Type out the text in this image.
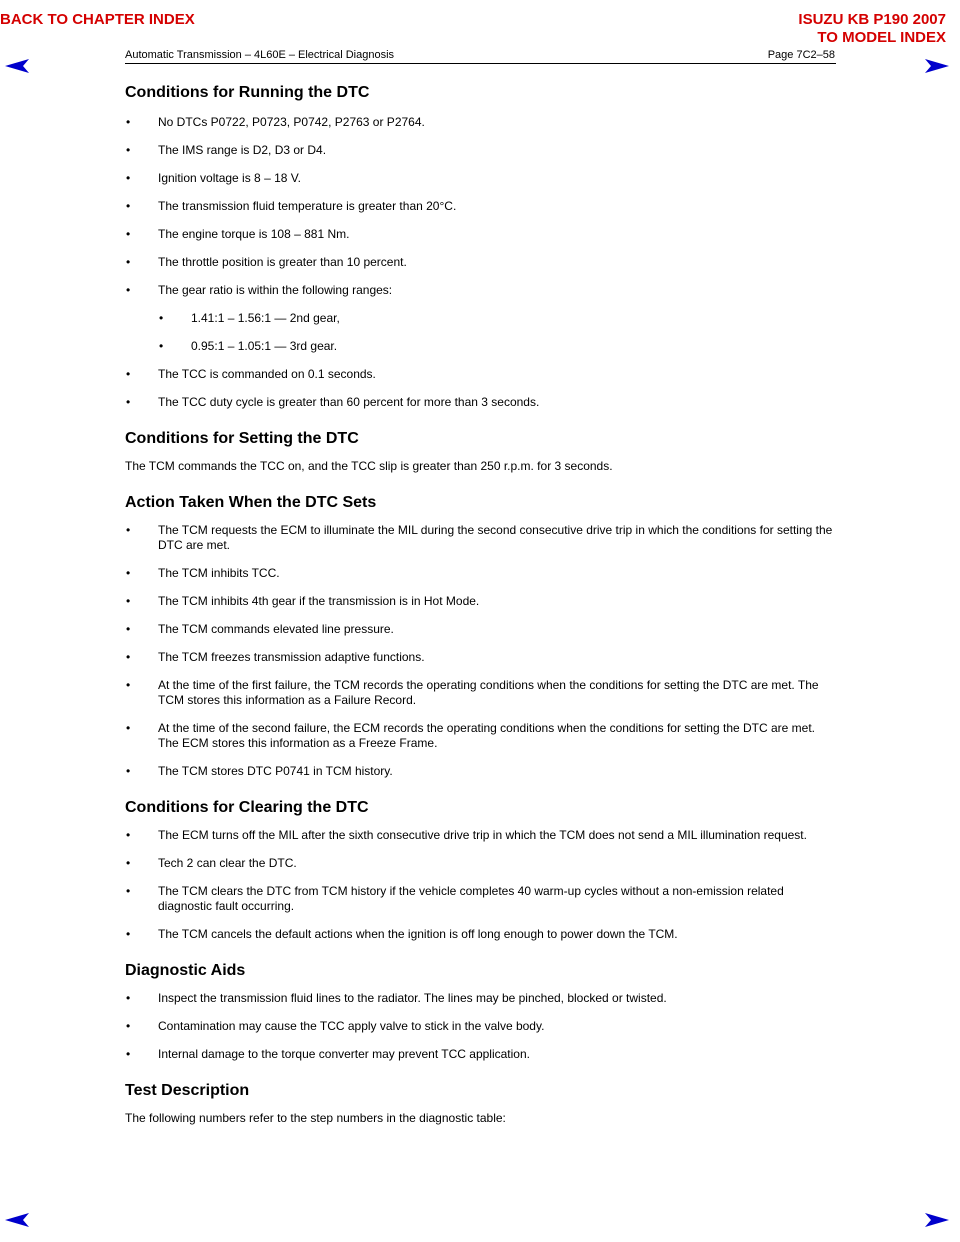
BACK TO CHAPTER INDEX	ISUZU KB P190 2007
TO MODEL INDEX
Automatic Transmission – 4L60E – Electrical Diagnosis	Page 7C2–58
Conditions for Running the DTC
• No DTCs P0722, P0723, P0742, P2763 or P2764.
• The IMS range is D2, D3 or D4.
• Ignition voltage is 8 – 18 V.
• The transmission fluid temperature is greater than 20°C.
• The engine torque is 108 – 881 Nm.
• The throttle position is greater than 10 percent.
• The gear ratio is within the following ranges:
• 1.41:1 – 1.56:1 — 2nd gear,
• 0.95:1 – 1.05:1 — 3rd gear.
• The TCC is commanded on 0.1 seconds.
• The TCC duty cycle is greater than 60 percent for more than 3 seconds.
Conditions for Setting the DTC
The TCM commands the TCC on, and the TCC slip is greater than 250 r.p.m. for 3 seconds.
Action Taken When the DTC Sets
• The TCM requests the ECM to illuminate the MIL during the second consecutive drive trip in which the conditions for setting the DTC are met.
• The TCM inhibits TCC.
• The TCM inhibits 4th gear if the transmission is in Hot Mode.
• The TCM commands elevated line pressure.
• The TCM freezes transmission adaptive functions.
• At the time of the first failure, the TCM records the operating conditions when the conditions for setting the DTC are met. The TCM stores this information as a Failure Record.
• At the time of the second failure, the ECM records the operating conditions when the conditions for setting the DTC are met. The ECM stores this information as a Freeze Frame.
• The TCM stores DTC P0741 in TCM history.
Conditions for Clearing the DTC
• The ECM turns off the MIL after the sixth consecutive drive trip in which the TCM does not send a MIL illumination request.
• Tech 2 can clear the DTC.
• The TCM clears the DTC from TCM history if the vehicle completes 40 warm-up cycles without a non-emission related diagnostic fault occurring.
• The TCM cancels the default actions when the ignition is off long enough to power down the TCM.
Diagnostic Aids
• Inspect the transmission fluid lines to the radiator. The lines may be pinched, blocked or twisted.
• Contamination may cause the TCC apply valve to stick in the valve body.
• Internal damage to the torque converter may prevent TCC application.
Test Description
The following numbers refer to the step numbers in the diagnostic table:
